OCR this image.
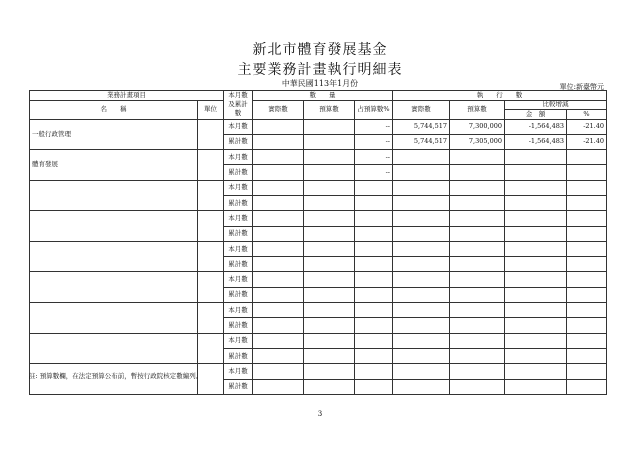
新北市體育發展基金
主要業務計畫執行明細表
中華民國113年1月份	單位:新臺幣元
業務計畫項目		本月數及累計數	數　　量			執　　行　　數			
名　　稱	單位		實際數	預算數	占預算數%	實際數	預算數	比較增減	
								金　額	%
一般行政管理		本月數			--	5,744,517	7,300,000	-1,564,483	-21.40
		累計數			--	5,744,517	7,305,000	-1,564,483	-21.40
體育發展		本月數			--				
		累計數			--				
		本月數							
		累計數							
		本月數							
		累計數							
		本月數							
		累計數							
		本月數							
		累計數							
		本月數							
		累計數							
		本月數							
		累計數							
		本月數							
		累計數							
註: 預算數欄，在法定預算公布前，暫按行政院核定數編列。
3
